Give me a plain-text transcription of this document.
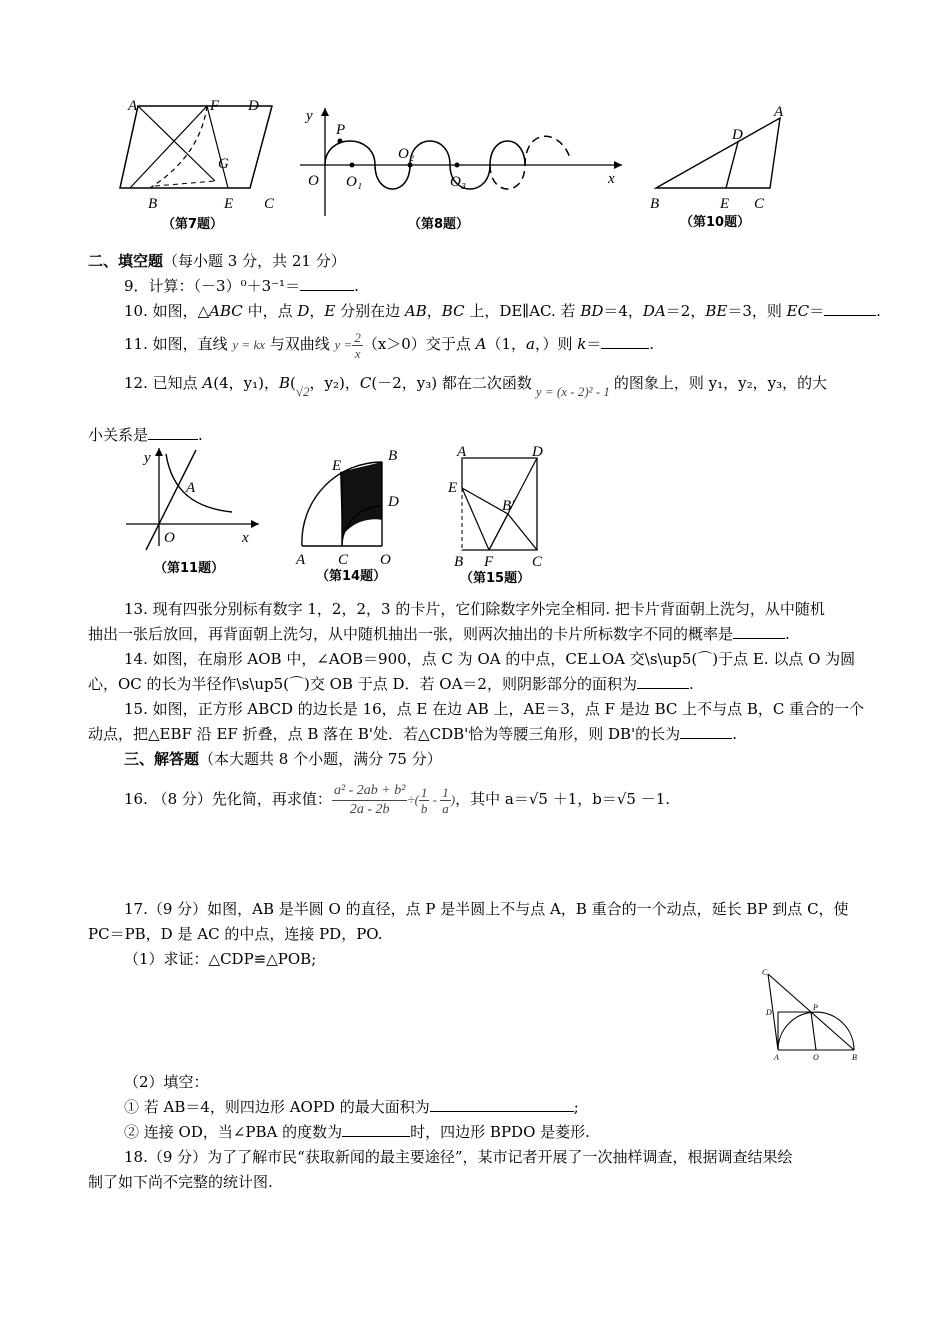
A	F D
G
B	E C
（第7题）
y
P
O O₁
O₂
O₃	x
（第8题）
A
D
B	E C
（第10题）
二、填空题（每小题 3 分，共 21 分）
9．计算：（－3）⁰＋3⁻¹＝	.
10. 如图，△ABC 中，点 D，E 分别在边 AB，BC 上，DE∥AC. 若 BD＝4，DA＝2，BE＝3，则 EC＝	.
11. 如图，直线 y = kx 与双曲线 $y = \frac{2}{x} (x>0)$交于点 A（1，a，）则 k＝	.
12. 已知点 A(4，y₁)，B(√2，y₂)，C(－2，y₃) 都在二次函数 y = (x - 2)² - 1 的图象上，则 y₁，y₂，y₃，的大
小关系是	.
y
A
O	x
（第11题）
E
B
D
A C O
（第14题）
A	D
E
B'
B F	C
（第15题）
13. 现有四张分别标有数字 1，2，2，3 的卡片，它们除数字外完全相同. 把卡片背面朝上洗匀，从中随机
抽出一张后放回，再背面朝上洗匀，从中随机抽出一张，则两次抽出的卡片所标数字不同的概率是	.
14. 如图，在扇形 AOB 中，∠AOB＝900，点 C 为 OA 的中点，CE⊥OA 交\s\up5(⌒)于点 E. 以点 O 为圆
心，OC 的长为半径作\s\up5(⌒)交 OB 于点 D．若 OA＝2，则阴影部分的面积为	.
15. 如图，正方形 ABCD 的边长是 16，点 E 在边 AB 上，AE＝3，点 F 是边 BC 上不与点 B，C 重合的一个
动点，把△EBF 沿 EF 折叠，点 B 落在 B'处．若△CDB'恰为等腰三角形，则 DB'的长为	.
三、解答题（本大题共 8 个小题，满分 75 分）
16. （8 分）先化简，再求值： $\frac{\text{a² - 2ab + b²}}{2a - 2b}$ ÷( $\frac{1}{b} - \frac{1}{a}$ )，其中 a＝√5 ＋1，b＝√5 －1.
17.（9 分）如图，AB 是半圆 O 的直径，点 P 是半圆上不与点 A，B 重合的一个动点，延长 BP 到点 C，使
PC＝PB，D 是 AC 的中点，连接 PD，PO.
（1）求证：△CDP≌△POB;
C
D
P
A	O	B
（2）填空：
① 若 AB＝4，则四边形 AOPD 的最大面积为	;
② 连接 OD，当∠PBA 的度数为	时，四边形 BPDO 是菱形.
18.（9 分）为了了解市民“获取新闻的最主要途径”，某市记者开展了一次抽样调查，根据调查结果绘
制了如下尚不完整的统计图.
